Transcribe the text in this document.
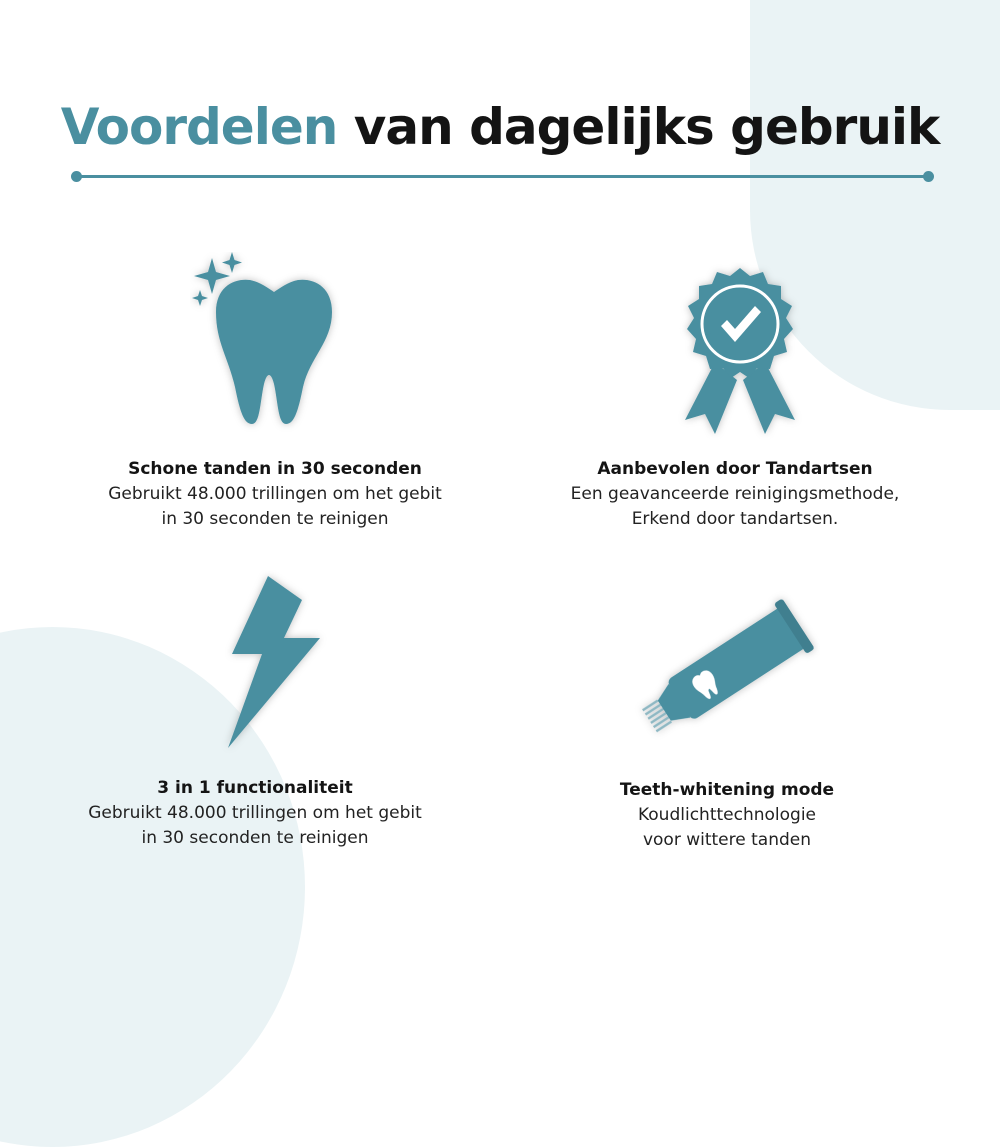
Voordelen van dagelijks gebruik
Schone tanden in 30 seconden
Gebruikt 48.000 trillingen om het gebit
in 30 seconden te reinigen
Aanbevolen door Tandartsen
Een geavanceerde reinigingsmethode,
Erkend door tandartsen.
3 in 1 functionaliteit
Gebruikt 48.000 trillingen om het gebit
in 30 seconden te reinigen
Teeth-whitening mode
Koudlichttechnologie
voor wittere tanden
